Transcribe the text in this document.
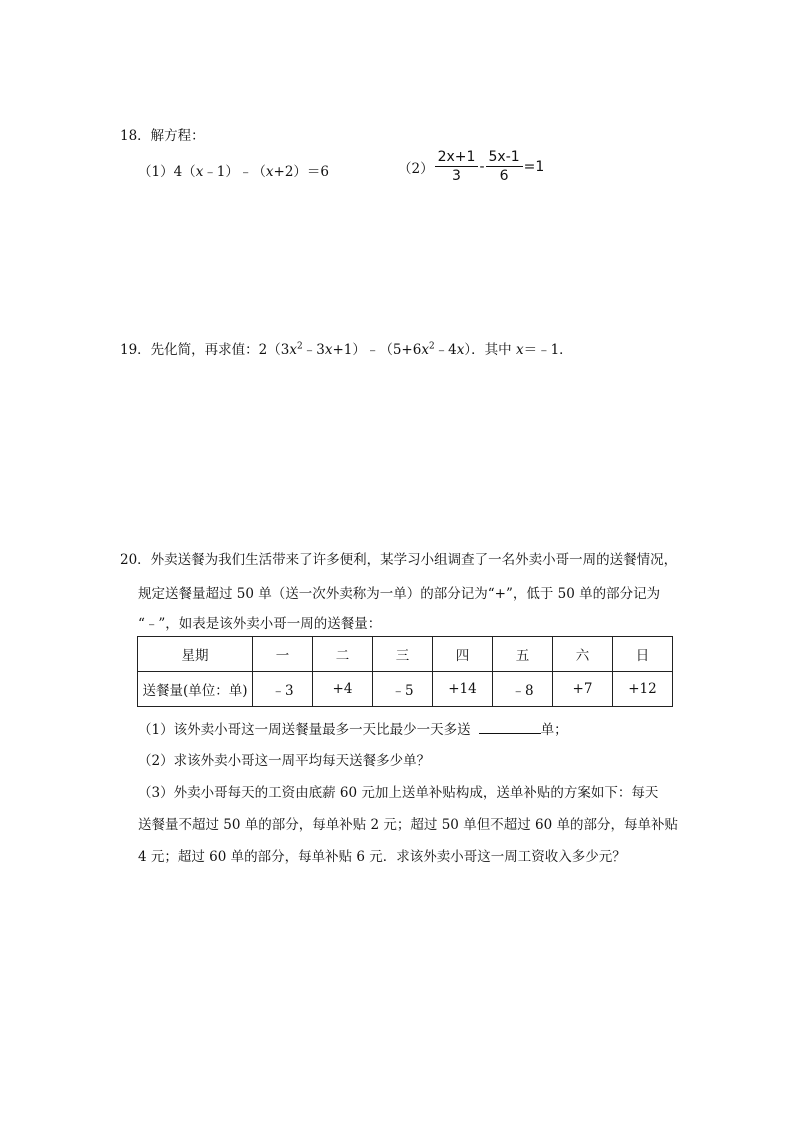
18．解方程：
（1）4（x﹣1）﹣（x+2）＝6	$(2) \frac{2x+1}{3} - \frac{5x-1}{6} =1$
19．先化简，再求值：$2(3x^2﹣3x+1)﹣(5+6x^2﹣4x)$．其中 x＝﹣1．
20．外卖送餐为我们生活带来了许多便利，某学习小组调查了一名外卖小哥一周的送餐情况，
规定送餐量超过 50 单（送一次外卖称为一单）的部分记为“+”，低于 50 单的部分记为
“﹣”，如表是该外卖小哥一周的送餐量：
星期	一	二	三	四	五	六	日
送餐量(单位：单)	﹣3	+4	﹣5	+14	﹣8	+7	+12
（1）该外卖小哥这一周送餐量最多一天比最少一天多送	单；
（2）求该外卖小哥这一周平均每天送餐多少单？
（3）外卖小哥每天的工资由底薪 60 元加上送单补贴构成，送单补贴的方案如下：每天
送餐量不超过 50 单的部分，每单补贴 2 元；超过 50 单但不超过 60 单的部分，每单补贴
4 元；超过 60 单的部分，每单补贴 6 元．求该外卖小哥这一周工资收入多少元？
